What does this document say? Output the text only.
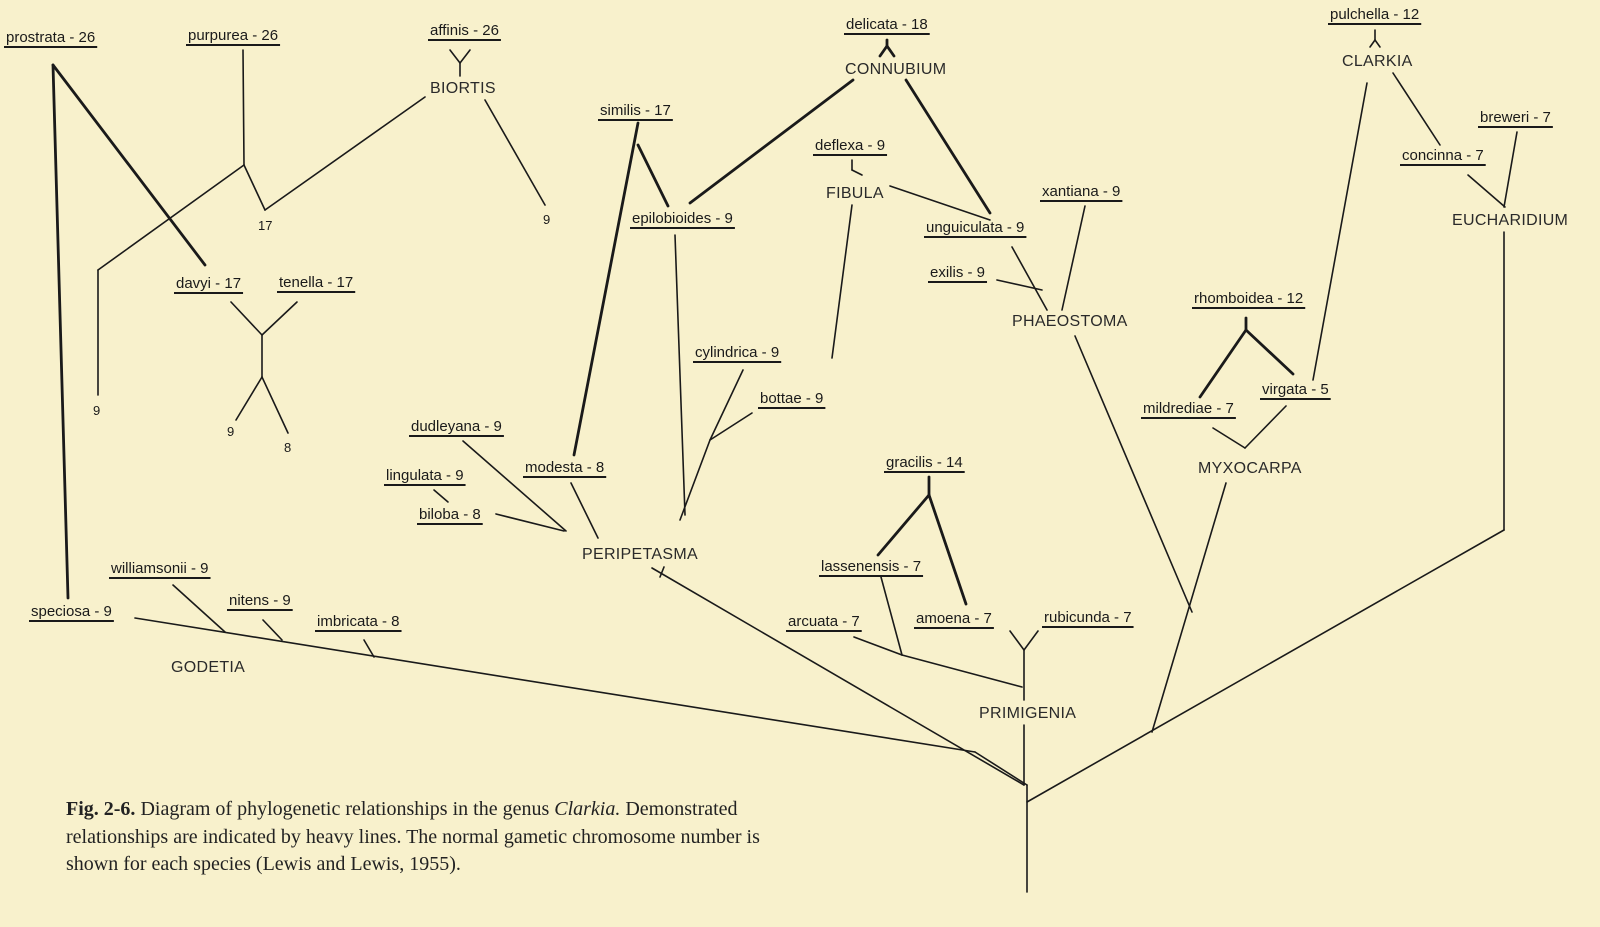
prostrata - 26	purpurea - 26	affinis - 26	delicata - 18
pulchella - 12
breweri - 7
concinna - 7
similis - 17
deflexa - 9
epilobioides - 9
unguiculata - 9
xantiana - 9
davyi - 17	tenella - 17
exilis - 9
rhomboidea - 12
cylindrica - 9
virgata - 5
mildrediae - 7
bottae - 9
dudleyana - 9
gracilis - 14
lingulata - 9	modesta - 8
biloba - 8
lassenensis - 7
williamsonii - 9
nitens - 9
speciosa - 9
imbricata - 8	arcuata - 7	amoena - 7	rubicunda - 7
BIORTIS
CONNUBIUM	CLARKIA
FIBULA
EUCHARIDIUM
PHAEOSTOMA
MYXOCARPA
PERIPETASMA
GODETIA
PRIMIGENIA
17	9
9
9
8
Fig. 2-6. Diagram of phylogenetic relationships in the genus Clarkia. Demonstrated relationships are indicated by heavy lines. The normal gametic chromosome number is shown for each species (Lewis and Lewis, 1955).
